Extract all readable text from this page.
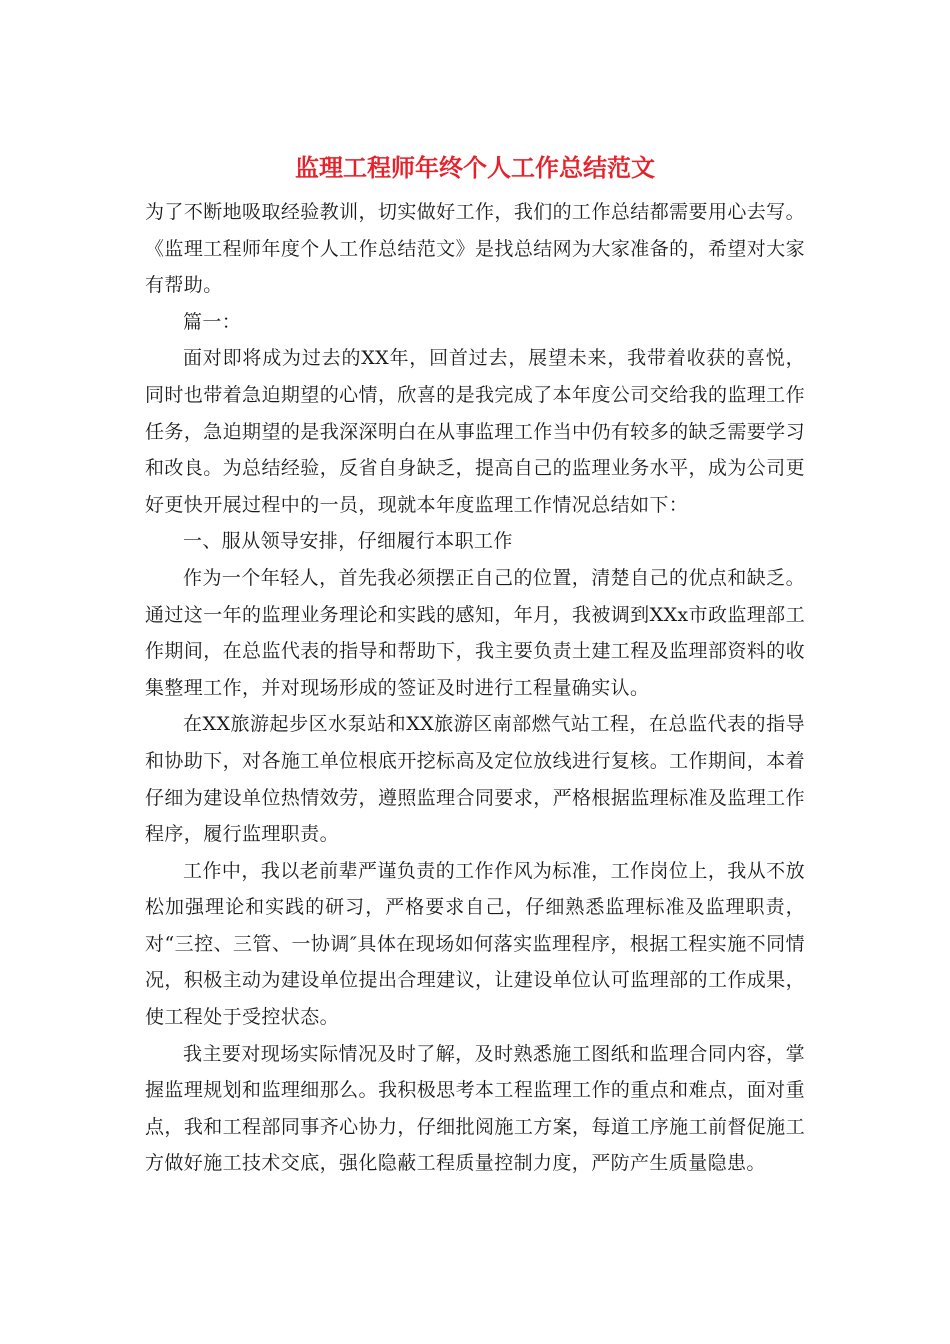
监理工程师年终个人工作总结范文

为了不断地吸取经验教训，切实做好工作，我们的工作总结都需要用心去写。《监理工程师年度个人工作总结范文》是找总结网为大家准备的，希望对大家有帮助。

篇一：

面对即将成为过去的XX年，回首过去，展望未来，我带着收获的喜悦，同时也带着急迫期望的心情，欣喜的是我完成了本年度公司交给我的监理工作任务，急迫期望的是我深深明白在从事监理工作当中仍有较多的缺乏需要学习和改良。为总结经验，反省自身缺乏，提高自己的监理业务水平，成为公司更好更快开展过程中的一员，现就本年度监理工作情况总结如下：

一、服从领导安排，仔细履行本职工作

作为一个年轻人，首先我必须摆正自己的位置，清楚自己的优点和缺乏。通过这一年的监理业务理论和实践的感知，年月，我被调到XXx市政监理部工作期间，在总监代表的指导和帮助下，我主要负责土建工程及监理部资料的收集整理工作，并对现场形成的签证及时进行工程量确实认。

在XX旅游起步区水泵站和XX旅游区南部燃气站工程，在总监代表的指导和协助下，对各施工单位根底开挖标高及定位放线进行复核。工作期间，本着仔细为建设单位热情效劳，遵照监理合同要求，严格根据监理标准及监理工作程序，履行监理职责。

工作中，我以老前辈严谨负责的工作作风为标准，工作岗位上，我从不放松加强理论和实践的研习，严格要求自己，仔细熟悉监理标准及监理职责，对“三控、三管、一协调″具体在现场如何落实监理程序，根据工程实施不同情况，积极主动为建设单位提出合理建议，让建设单位认可监理部的工作成果，使工程处于受控状态。

我主要对现场实际情况及时了解，及时熟悉施工图纸和监理合同内容，掌握监理规划和监理细那么。我积极思考本工程监理工作的重点和难点，面对重点，我和工程部同事齐心协力，仔细批阅施工方案，每道工序施工前督促施工方做好施工技术交底，强化隐蔽工程质量控制力度，严防产生质量隐患。
